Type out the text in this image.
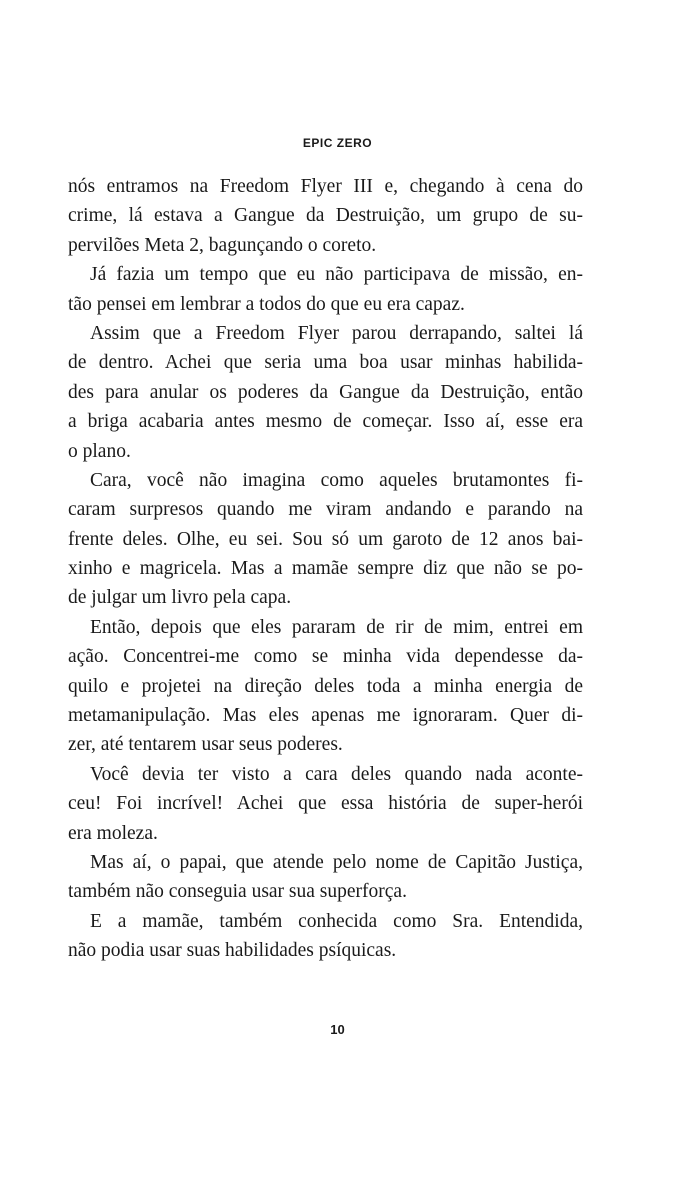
EPIC ZERO
nós entramos na Freedom Flyer III e, chegando à cena do
crime, lá estava a Gangue da Destruição, um grupo de su-
pervilões Meta 2, bagunçando o coreto.
Já fazia um tempo que eu não participava de missão, en-
tão pensei em lembrar a todos do que eu era capaz.
Assim que a Freedom Flyer parou derrapando, saltei lá
de dentro. Achei que seria uma boa usar minhas habilida-
des para anular os poderes da Gangue da Destruição, então
a briga acabaria antes mesmo de começar. Isso aí, esse era
o plano.
Cara, você não imagina como aqueles brutamontes fi-
caram surpresos quando me viram andando e parando na
frente deles. Olhe, eu sei. Sou só um garoto de 12 anos bai-
xinho e magricela. Mas a mamãe sempre diz que não se po-
de julgar um livro pela capa.
Então, depois que eles pararam de rir de mim, entrei em
ação. Concentrei-me como se minha vida dependesse da-
quilo e projetei na direção deles toda a minha energia de
metamanipulação. Mas eles apenas me ignoraram. Quer di-
zer, até tentarem usar seus poderes.
Você devia ter visto a cara deles quando nada aconte-
ceu! Foi incrível! Achei que essa história de super-herói
era moleza.
Mas aí, o papai, que atende pelo nome de Capitão Justiça,
também não conseguia usar sua superforça.
E a mamãe, também conhecida como Sra. Entendida,
não podia usar suas habilidades psíquicas.
10
